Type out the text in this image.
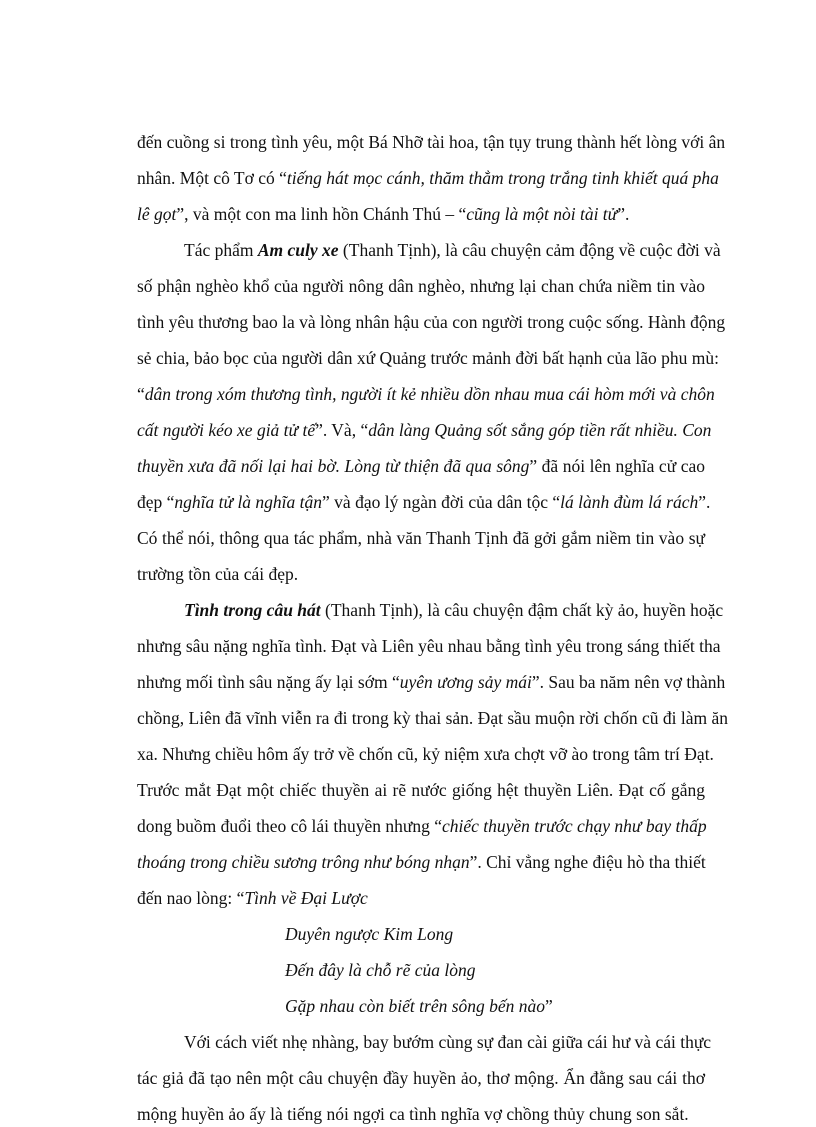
đến cuồng si trong tình yêu, một Bá Nhỡ tài hoa, tận tụy trung thành hết lòng với ân
nhân. Một cô Tơ có “tiếng hát mọc cánh, thăm thẳm trong trắng tinh khiết quá pha
lê gọt”, và một con ma linh hồn Chánh Thú – “cũng là một nòi tài tử”.
Tác phẩm Am culy xe (Thanh Tịnh), là câu chuyện cảm động về cuộc đời và
số phận nghèo khổ của người nông dân nghèo, nhưng lại chan chứa niềm tin vào
tình yêu thương bao la và lòng nhân hậu của con người trong cuộc sống. Hành động
sẻ chia, bảo bọc của người dân xứ Quảng trước mảnh đời bất hạnh của lão phu mù:
“dân trong xóm thương tình, người ít kẻ nhiều dồn nhau mua cái hòm mới và chôn
cất người kéo xe giả tử tế”. Và, “dân làng Quảng sốt sắng góp tiền rất nhiều. Con
thuyền xưa đã nối lại hai bờ. Lòng từ thiện đã qua sông” đã nói lên nghĩa cử cao
đẹp “nghĩa tử là nghĩa tận” và đạo lý ngàn đời của dân tộc “lá lành đùm lá rách”.
Có thể nói, thông qua tác phẩm, nhà văn Thanh Tịnh đã gởi gắm niềm tin vào sự
trường tồn của cái đẹp.
Tình trong câu hát (Thanh Tịnh), là câu chuyện đậm chất kỳ ảo, huyền hoặc
nhưng sâu nặng nghĩa tình. Đạt và Liên yêu nhau bằng tình yêu trong sáng thiết tha
nhưng mối tình sâu nặng ấy lại sớm “uyên ương sảy mái”. Sau ba năm nên vợ thành
chồng, Liên đã vĩnh viễn ra đi trong kỳ thai sản. Đạt sầu muộn rời chốn cũ đi làm ăn
xa. Nhưng chiều hôm ấy trở về chốn cũ, kỷ niệm xưa chợt vỡ ào trong tâm trí Đạt.
Trước mắt Đạt một chiếc thuyền ai rẽ nước giống hệt thuyền Liên. Đạt cố gắng
dong buồm đuổi theo cô lái thuyền nhưng “chiếc thuyền trước chạy như bay thấp
thoáng trong chiều sương trông như bóng nhạn”. Chỉ vẳng nghe điệu hò tha thiết
đến nao lòng: “Tình về Đại Lược
Duyên ngược Kim Long
Đến đây là chỗ rẽ của lòng
Gặp nhau còn biết trên sông bến nào”
Với cách viết nhẹ nhàng, bay bướm cùng sự đan cài giữa cái hư và cái thực
tác giả đã tạo nên một câu chuyện đầy huyền ảo, thơ mộng. Ẩn đằng sau cái thơ
mộng huyền ảo ấy là tiếng nói ngợi ca tình nghĩa vợ chồng thủy chung son sắt.
